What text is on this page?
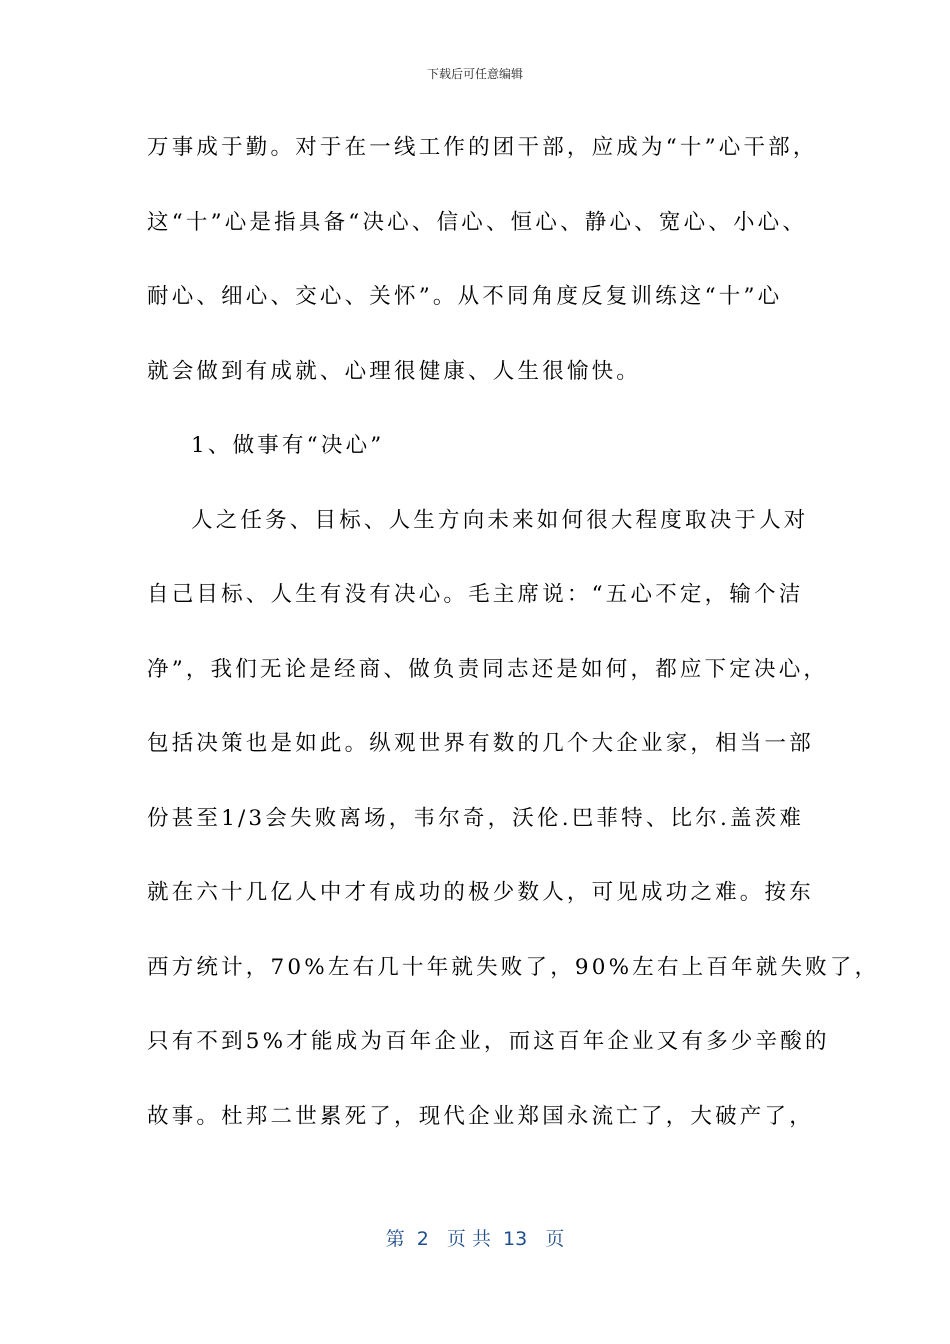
下载后可任意编辑
万事成于勤。对于在一线工作的团干部，应成为“十”心干部，
这“十”心是指具备“决心、信心、恒心、静心、宽心、小心、
耐心、细心、交心、关怀”。从不同角度反复训练这“十”心
就会做到有成就、心理很健康、人生很愉快。
1、做事有“决心”
人之任务、目标、人生方向未来如何很大程度取决于人对
自己目标、人生有没有决心。毛主席说：“五心不定，输个洁
净”，我们无论是经商、做负责同志还是如何，都应下定决心，
包括决策也是如此。纵观世界有数的几个大企业家，相当一部
份甚至1/3会失败离场，韦尔奇，沃伦.巴菲特、比尔.盖茨难
就在六十几亿人中才有成功的极少数人，可见成功之难。按东
西方统计，70%左右几十年就失败了，90%左右上百年就失败了，
只有不到5%才能成为百年企业，而这百年企业又有多少辛酸的
故事。杜邦二世累死了，现代企业郑国永流亡了，大破产了，
第  2   页 共  13   页
